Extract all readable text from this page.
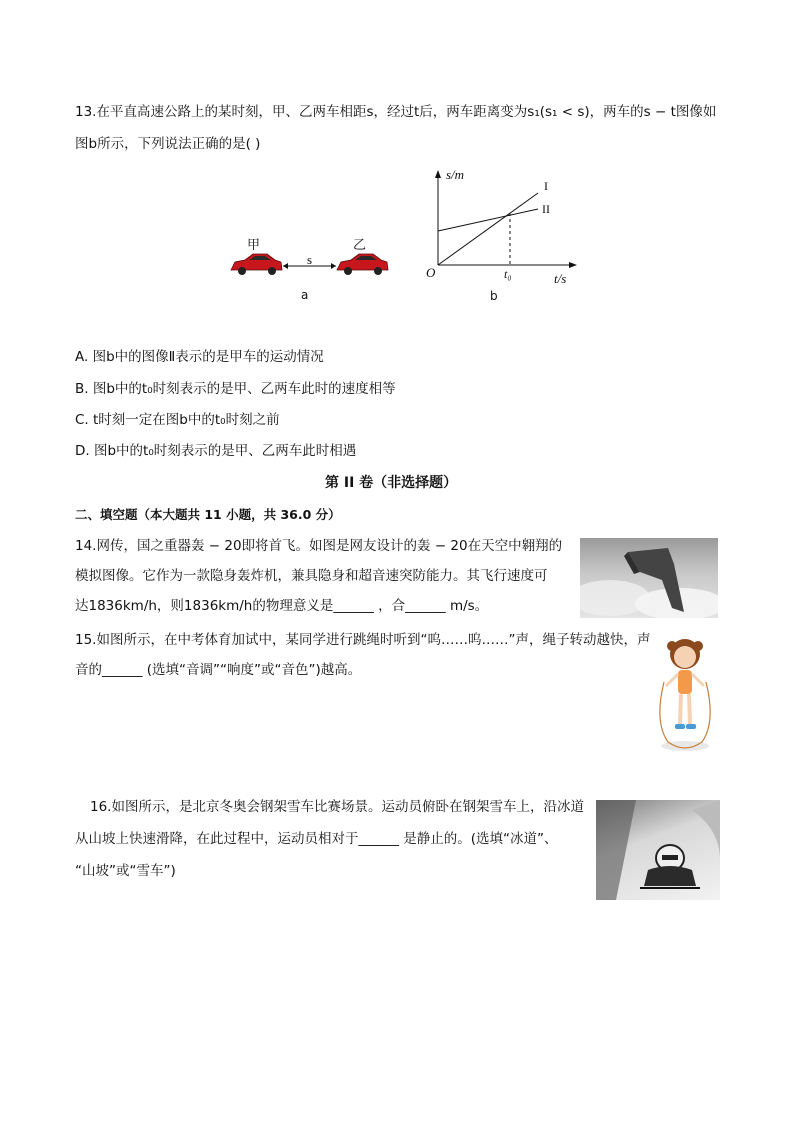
13.在平直高速公路上的某时刻，甲、乙两车相距s，经过t后，两车距离变为s₁(s₁ < s)，两车的s − t图像如
图b所示，下列说法正确的是( )
甲	乙
s
a
s/m
t/s
O	t₀
I
II
b
A. 图b中的图像Ⅱ表示的是甲车的运动情况
B. 图b中的t₀时刻表示的是甲、乙两车此时的速度相等
C. t时刻一定在图b中的t₀时刻之前
D. 图b中的t₀时刻表示的是甲、乙两车此时相遇
第 II 卷（非选择题）
二、填空题（本大题共 11 小题，共 36.0 分）
14.网传，国之重器轰 − 20即将首飞。如图是网友设计的轰 − 20在天空中翱翔的
模拟图像。它作为一款隐身轰炸机，兼具隐身和超音速突防能力。其飞行速度可
达1836km/h，则1836km/h的物理意义是______ ，合______ m/s。
15.如图所示，在中考体育加试中，某同学进行跳绳时听到“呜……呜……”声，绳子转动越快，声
音的______ (选填“音调”“响度”或“音色”)越高。
16.如图所示，是北京冬奥会钢架雪车比赛场景。运动员俯卧在钢架雪车上，沿冰道
从山坡上快速滑降，在此过程中，运动员相对于______ 是静止的。(选填“冰道”、
“山坡”或“雪车”)
